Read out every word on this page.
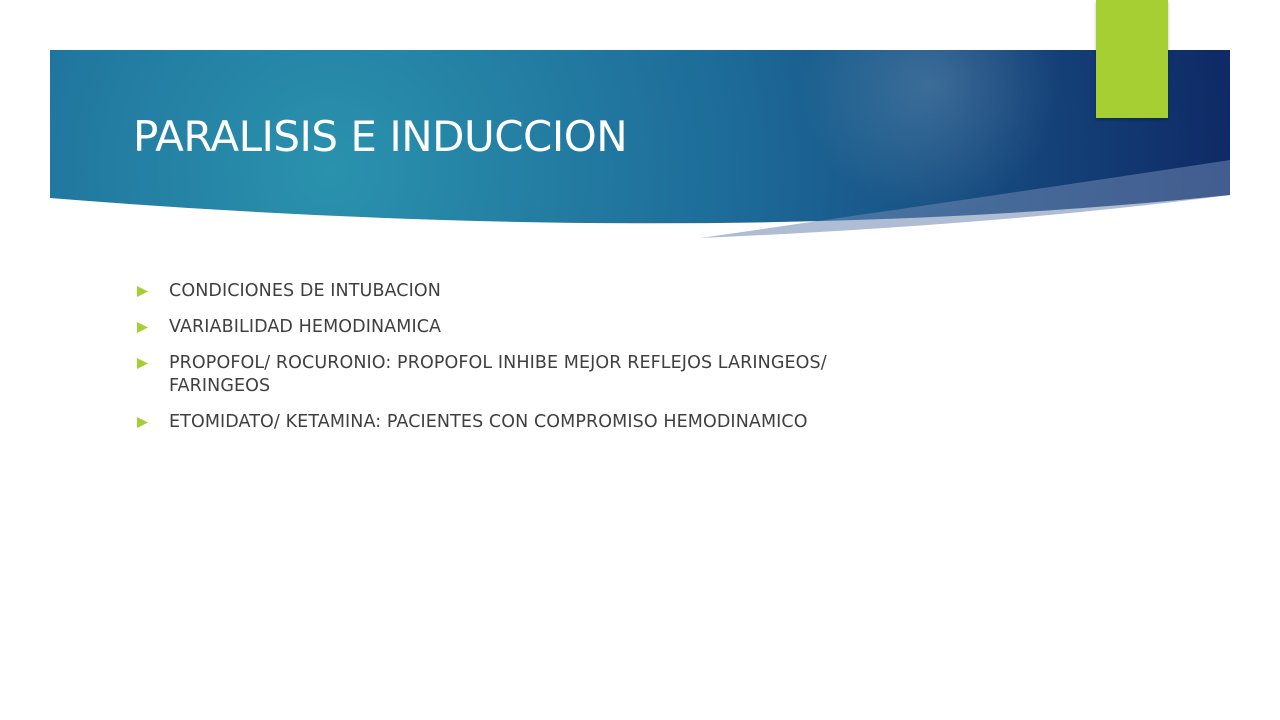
PARALISIS E INDUCCION
CONDICIONES DE INTUBACION
VARIABILIDAD HEMODINAMICA
PROPOFOL/ ROCURONIO: PROPOFOL INHIBE MEJOR REFLEJOS LARINGEOS/ FARINGEOS
ETOMIDATO/ KETAMINA: PACIENTES CON COMPROMISO HEMODINAMICO
